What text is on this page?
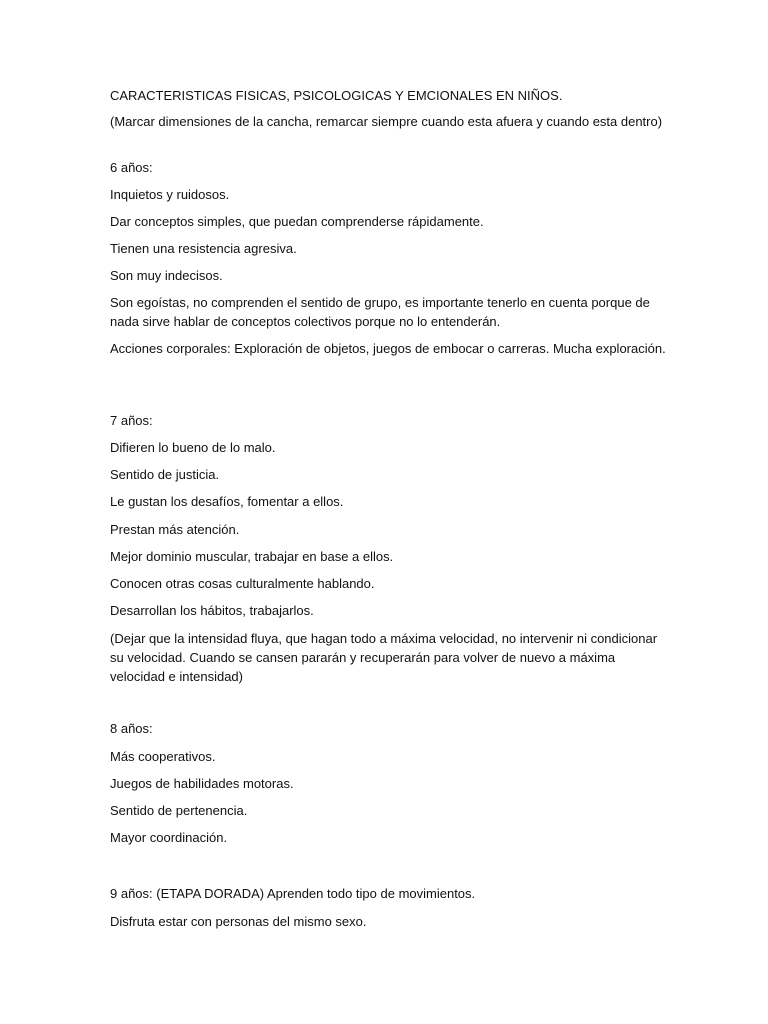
CARACTERISTICAS FISICAS, PSICOLOGICAS Y EMCIONALES EN NIÑOS.

(Marcar dimensiones de la cancha, remarcar siempre cuando esta afuera y cuando esta dentro)

6 años:

Inquietos y ruidosos.

Dar conceptos simples, que puedan comprenderse rápidamente.

Tienen una resistencia agresiva.

Son muy indecisos.

Son egoístas, no comprenden el sentido de grupo, es importante tenerlo en cuenta porque de nada sirve hablar de conceptos colectivos porque no lo entenderán.

Acciones corporales: Exploración de objetos, juegos de embocar o carreras. Mucha exploración.

7 años:

Difieren lo bueno de lo malo.

Sentido de justicia.

Le gustan los desafíos, fomentar a ellos.

Prestan más atención.

Mejor dominio muscular, trabajar en base a ellos.

Conocen otras cosas culturalmente hablando.

Desarrollan los hábitos, trabajarlos.

(Dejar que la intensidad fluya, que hagan todo a máxima velocidad, no intervenir ni condicionar su velocidad. Cuando se cansen pararán y recuperarán para volver de nuevo a máxima velocidad e intensidad)

8 años:

Más cooperativos.

Juegos de habilidades motoras.

Sentido de pertenencia.

Mayor coordinación.

9 años: (ETAPA DORADA) Aprenden todo tipo de movimientos.

Disfruta estar con personas del mismo sexo.
